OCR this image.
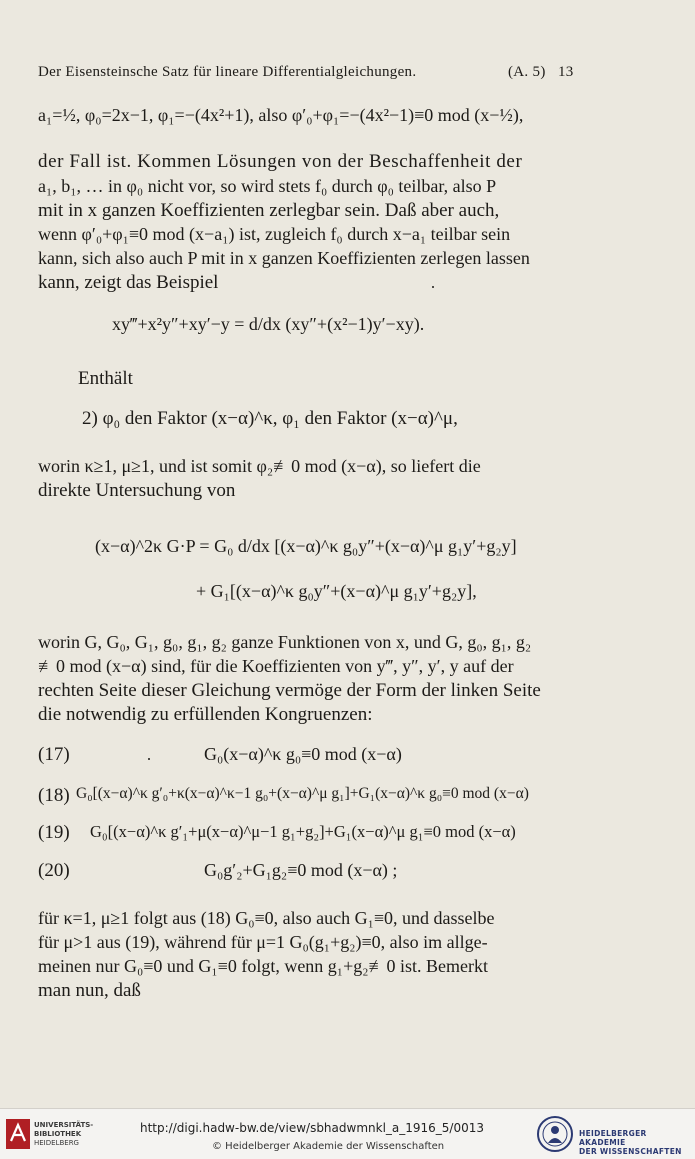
Der Eisensteinsche Satz für lineare Differentialgleichungen.	(A. 5) 13
a₁=½, φ₀=2x−1, φ₁=−(4x²+1), also φ′₀+φ₁=−(4x²−1)≡0 mod (x−½),
der Fall ist. Kommen Lösungen von der Beschaffenheit der
a₁, b₁, … in φ₀ nicht vor, so wird stets f₀ durch φ₀ teilbar, also P
mit in x ganzen Koeffizienten zerlegbar sein. Daß aber auch,
wenn φ′₀+φ₁≡0 mod (x−a₁) ist, zugleich f₀ durch x−a₁ teilbar sein
kann, sich also auch P mit in x ganzen Koeffizienten zerlegen lassen
kann, zeigt das Beispiel
xy‴+x²y″+xy′−y = d/dx (xy″+(x²−1)y′−xy).
Enthält
2) φ₀ den Faktor (x−α)^κ, φ₁ den Faktor (x−α)^μ,
worin κ≥1, μ≥1, und ist somit φ₂≢0 mod (x−α), so liefert die
direkte Untersuchung von
(x−α)^2κ G·P = G₀ d/dx [(x−α)^κ g₀y″+(x−α)^μ g₁y′+g₂y]
+ G₁[(x−α)^κ g₀y″+(x−α)^μ g₁y′+g₂y],
worin G, G₀, G₁, g₀, g₁, g₂ ganze Funktionen von x, und G, g₀, g₁, g₂
≢0 mod (x−α) sind, für die Koeffizienten von y‴, y″, y′, y auf der
rechten Seite dieser Gleichung vermöge der Form der linken Seite
die notwendig zu erfüllenden Kongruenzen:
(17)	G₀(x−α)^κ g₀≡0 mod (x−α)
(18) G₀[(x−α)^κ g′₀+κ(x−α)^κ−1 g₀+(x−α)^μ g₁]+G₁(x−α)^κ g₀≡0 mod (x−α)
(19) G₀[(x−α)^κ g′₁+μ(x−α)^μ−1 g₁+g₂]+G₁(x−α)^μ g₁≡0 mod (x−α)
(20)	G₀g′₂+G₁g₂≡0 mod (x−α) ;
für κ=1, μ≥1 folgt aus (18) G₀≡0, also auch G₁≡0, und dasselbe
für μ>1 aus (19), während für μ=1 G₀(g₁+g₂)≡0, also im allge-
meinen nur G₀≡0 und G₁≡0 folgt, wenn g₁+g₂≢0 ist. Bemerkt
man nun, daß
UNIVERSITÄTS-
BIBLIOTHEK
HEIDELBERG
http://digi.hadw-bw.de/view/sbhadwmnkl_a_1916_5/0013
© Heidelberger Akademie der Wissenschaften
HEIDELBERGER AKADEMIE
DER WISSENSCHAFTEN
